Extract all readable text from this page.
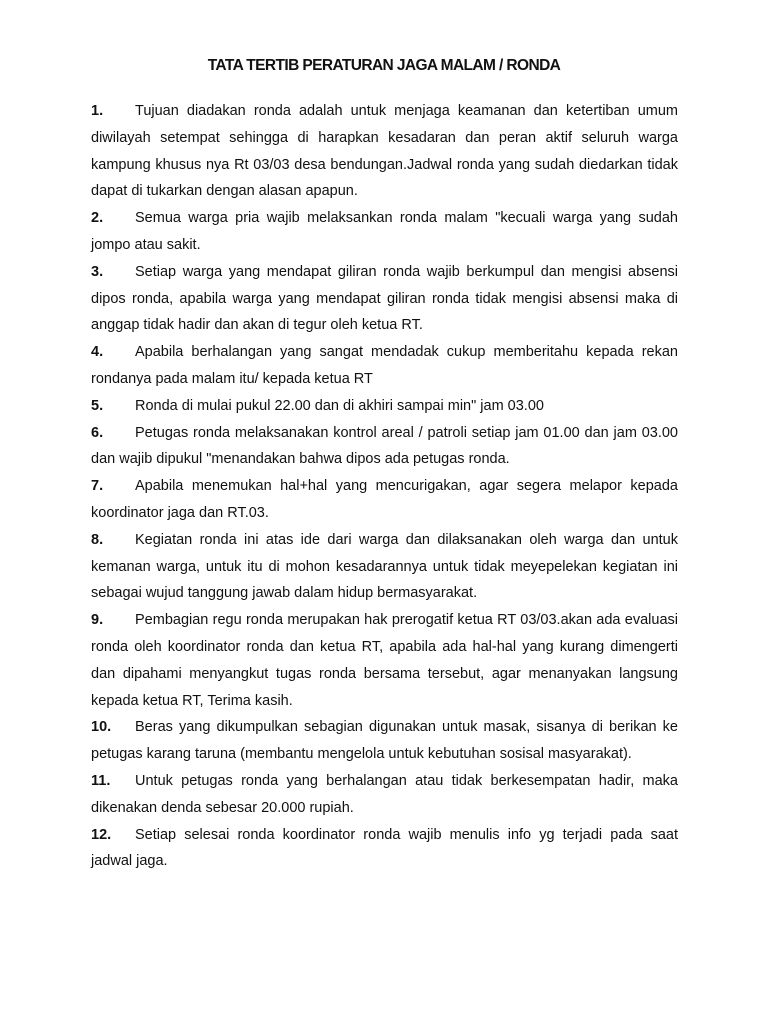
TATA TERTIB PERATURAN JAGA MALAM / RONDA
1. Tujuan diadakan ronda adalah untuk menjaga keamanan dan ketertiban umum diwilayah setempat sehingga di harapkan kesadaran dan peran aktif seluruh warga kampung khusus nya Rt 03/03 desa bendungan.Jadwal ronda yang sudah diedarkan tidak dapat di tukarkan dengan alasan apapun.
2. Semua warga pria wajib melaksankan ronda malam "kecuali warga yang sudah jompo atau sakit.
3. Setiap warga yang mendapat giliran ronda wajib berkumpul dan mengisi absensi dipos ronda, apabila warga yang mendapat giliran ronda tidak mengisi absensi maka di anggap tidak hadir dan akan di tegur oleh ketua RT.
4. Apabila berhalangan yang sangat mendadak cukup memberitahu kepada rekan rondanya pada malam itu/ kepada ketua RT
5. Ronda di mulai pukul 22.00 dan di akhiri sampai min" jam 03.00
6. Petugas ronda melaksanakan kontrol areal / patroli setiap jam 01.00 dan jam 03.00 dan wajib dipukul "menandakan bahwa dipos ada petugas ronda.
7. Apabila menemukan hal+hal yang mencurigakan, agar segera melapor kepada koordinator jaga dan RT.03.
8. Kegiatan ronda ini atas ide dari warga dan dilaksanakan oleh warga dan untuk kemanan warga, untuk itu di mohon kesadarannya untuk tidak meyepelekan kegiatan ini sebagai wujud tanggung jawab dalam hidup bermasyarakat.
9. Pembagian regu ronda merupakan hak prerogatif ketua RT 03/03.akan ada evaluasi ronda oleh koordinator ronda dan ketua RT, apabila ada hal-hal yang kurang dimengerti dan dipahami menyangkut tugas ronda bersama tersebut, agar menanyakan langsung kepada ketua RT, Terima kasih.
10. Beras yang dikumpulkan sebagian digunakan untuk masak, sisanya di berikan ke petugas karang taruna (membantu mengelola untuk kebutuhan sosisal masyarakat).
11. Untuk petugas ronda yang berhalangan atau tidak berkesempatan hadir, maka dikenakan denda sebesar 20.000 rupiah.
12. Setiap selesai ronda koordinator ronda wajib menulis info yg terjadi pada saat jadwal jaga.
